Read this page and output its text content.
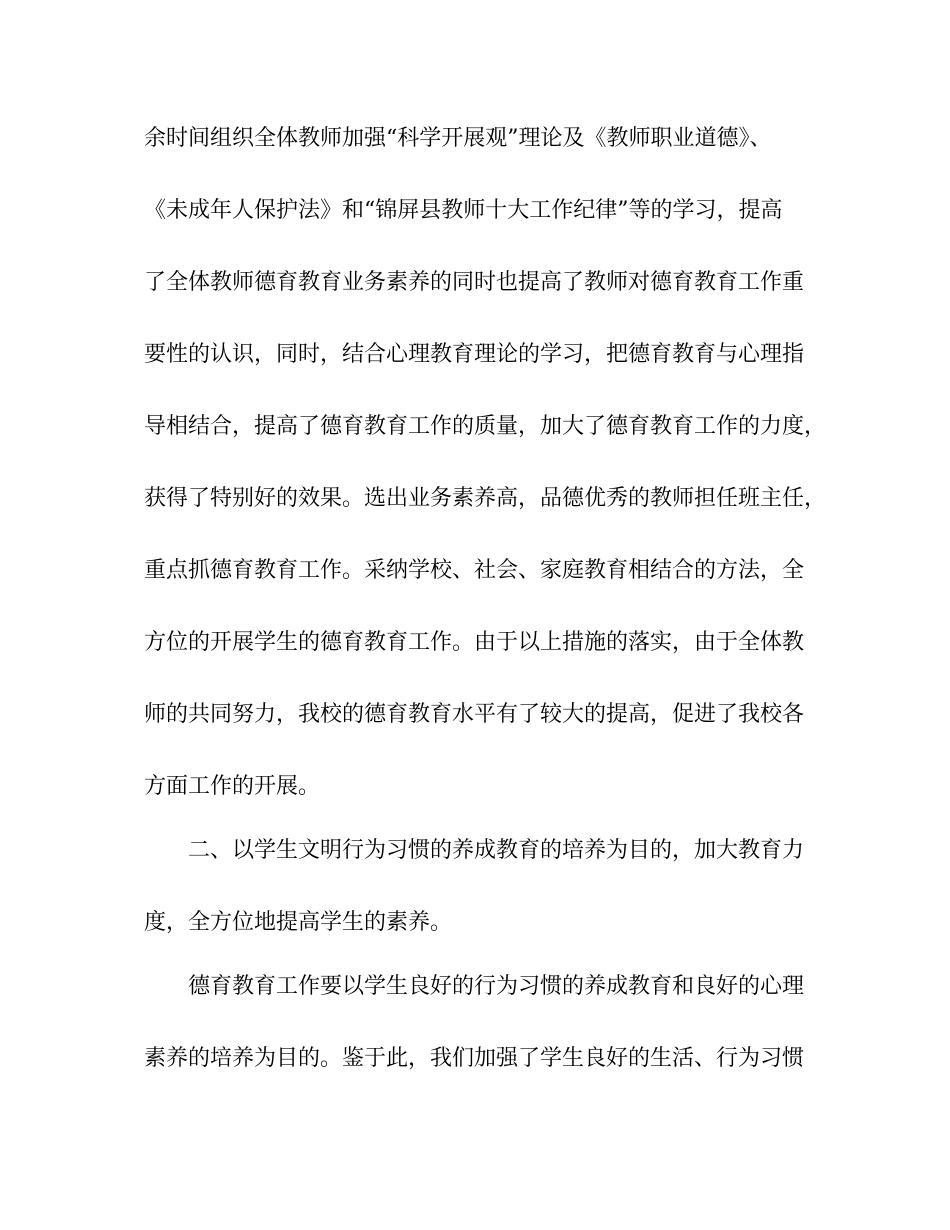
余时间组织全体教师加强“科学开展观”理论及《教师职业道德》、

《未成年人保护法》和“锦屏县教师十大工作纪律”等的学习，提高

了全体教师德育教育业务素养的同时也提高了教师对德育教育工作重

要性的认识，同时，结合心理教育理论的学习，把德育教育与心理指

导相结合，提高了德育教育工作的质量，加大了德育教育工作的力度，

获得了特别好的效果。选出业务素养高，品德优秀的教师担任班主任，

重点抓德育教育工作。采纳学校、社会、家庭教育相结合的方法，全

方位的开展学生的德育教育工作。由于以上措施的落实，由于全体教

师的共同努力，我校的德育教育水平有了较大的提高，促进了我校各

方面工作的开展。

二、以学生文明行为习惯的养成教育的培养为目的，加大教育力

度，全方位地提高学生的素养。

德育教育工作要以学生良好的行为习惯的养成教育和良好的心理

素养的培养为目的。鉴于此，我们加强了学生良好的生活、行为习惯
